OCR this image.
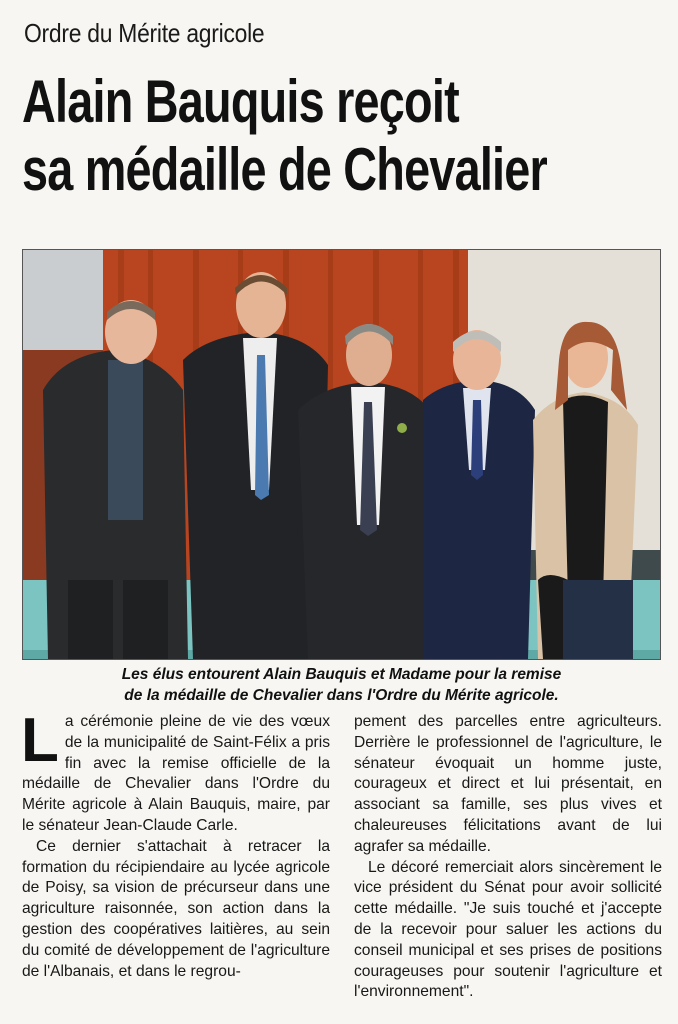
Ordre du Mérite agricole
Alain Bauquis reçoit
sa médaille de Chevalier
Les élus entourent Alain Bauquis et Madame pour la remise
de la médaille de Chevalier dans l'Ordre du Mérite agricole.

La cérémonie pleine de vie des vœux de la municipalité de Saint-Félix a pris fin avec la remise officielle de la médaille de Chevalier dans l'Ordre du Mérite agricole à Alain Bauquis, maire, par le sénateur Jean-Claude Carle.

Ce dernier s'attachait à retracer la formation du récipiendaire au lycée agricole de Poisy, sa vision de précurseur dans une agriculture raisonnée, son action dans la gestion des coopératives laitières, au sein du comité de développement de l'agriculture de l'Albanais, et dans le regrou-

pement des parcelles entre agriculteurs. Derrière le professionnel de l'agriculture, le sénateur évoquait un homme juste, courageux et direct et lui présentait, en associant sa famille, ses plus vives et chaleureuses félicitations avant de lui agrafer sa médaille.

Le décoré remerciait alors sincèrement le vice président du Sénat pour avoir sollicité cette médaille. "Je suis touché et j'accepte de la recevoir pour saluer les actions du conseil municipal et ses prises de positions courageuses pour soutenir l'agriculture et l'environnement".
